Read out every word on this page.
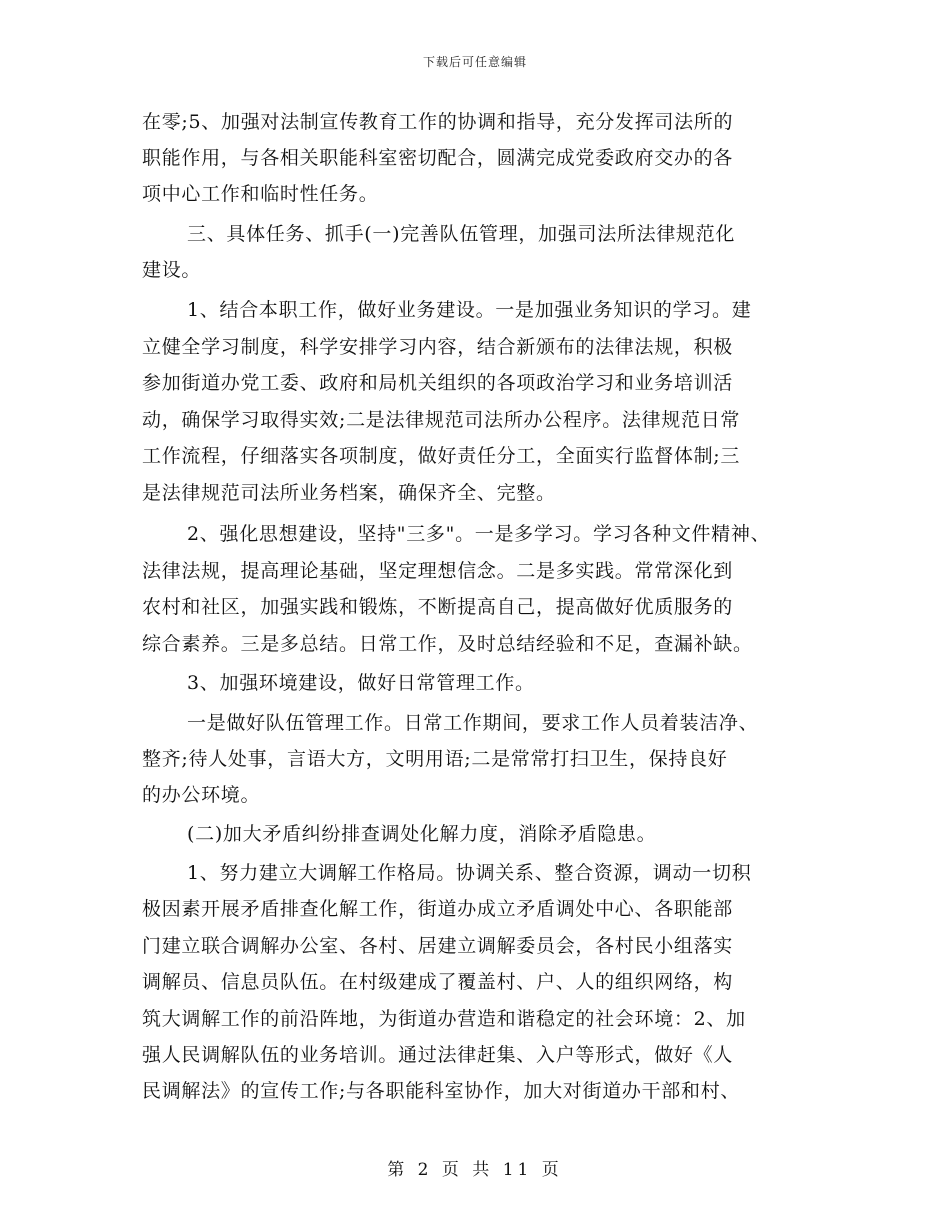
下载后可任意编辑
在零;5、加强对法制宣传教育工作的协调和指导，充分发挥司法所的
职能作用，与各相关职能科室密切配合，圆满完成党委政府交办的各
项中心工作和临时性任务。
三、具体任务、抓手(一)完善队伍管理，加强司法所法律规范化
建设。
1、结合本职工作，做好业务建设。一是加强业务知识的学习。建
立健全学习制度，科学安排学习内容，结合新颁布的法律法规，积极
参加街道办党工委、政府和局机关组织的各项政治学习和业务培训活
动，确保学习取得实效;二是法律规范司法所办公程序。法律规范日常
工作流程，仔细落实各项制度，做好责任分工，全面实行监督体制;三
是法律规范司法所业务档案，确保齐全、完整。
2、强化思想建设，坚持"三多"。一是多学习。学习各种文件精神、
法律法规，提高理论基础，坚定理想信念。二是多实践。常常深化到
农村和社区，加强实践和锻炼，不断提高自己，提高做好优质服务的
综合素养。三是多总结。日常工作，及时总结经验和不足，查漏补缺。
3、加强环境建设，做好日常管理工作。
一是做好队伍管理工作。日常工作期间，要求工作人员着装洁净、
整齐;待人处事，言语大方，文明用语;二是常常打扫卫生，保持良好
的办公环境。
(二)加大矛盾纠纷排查调处化解力度，消除矛盾隐患。
1、努力建立大调解工作格局。协调关系、整合资源，调动一切积
极因素开展矛盾排查化解工作，街道办成立矛盾调处中心、各职能部
门建立联合调解办公室、各村、居建立调解委员会，各村民小组落实
调解员、信息员队伍。在村级建成了覆盖村、户、人的组织网络，构
筑大调解工作的前沿阵地，为街道办营造和谐稳定的社会环境：2、加
强人民调解队伍的业务培训。通过法律赶集、入户等形式，做好《人
民调解法》的宣传工作;与各职能科室协作，加大对街道办干部和村、
第 2 页 共 11 页
